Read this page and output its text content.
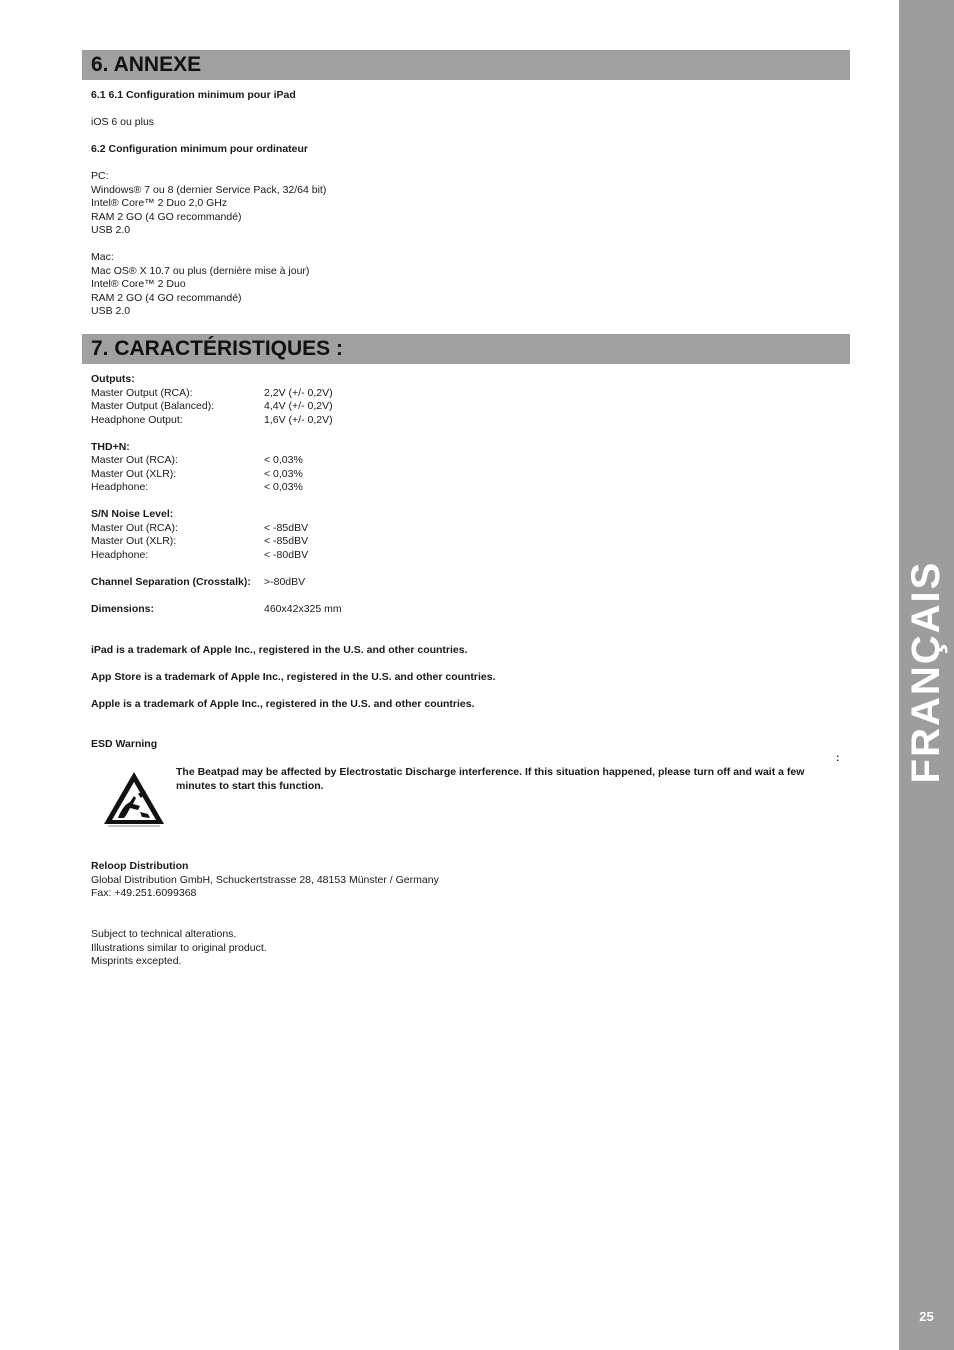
FRANÇAIS
25
6. ANNEXE
6.1 6.1 Configuration minimum pour iPad
iOS 6 ou plus
6.2 Configuration minimum pour ordinateur
PC:
Windows® 7 ou 8 (dernier Service Pack, 32/64 bit)
Intel® Core™ 2 Duo 2,0 GHz
RAM 2 GO (4 GO recommandé)
USB 2.0
Mac:
Mac OS® X 10.7 ou plus (dernière mise à jour)
Intel® Core™ 2 Duo
RAM 2 GO (4 GO recommandé)
USB 2.0
7. CARACTÉRISTIQUES :
Outputs:
Master Output (RCA):	2,2V (+/- 0,2V)
Master Output (Balanced):	4,4V (+/- 0,2V)
Headphone Output:	1,6V (+/- 0,2V)
THD+N:
Master Out (RCA):	< 0,03%
Master Out (XLR):	< 0,03%
Headphone:	< 0,03%
S/N Noise Level:
Master Out (RCA):	< -85dBV
Master Out (XLR):	< -85dBV
Headphone:	< -80dBV
Channel Separation (Crosstalk):	>-80dBV
Dimensions:	460x42x325 mm
iPad is a trademark of Apple Inc., registered in the U.S. and other countries.
App Store is a trademark of Apple Inc., registered in the U.S. and other countries.
Apple is a trademark of Apple Inc., registered in the U.S. and other countries.
ESD Warning
:
The Beatpad may be affected by Electrostatic Discharge interference. If this situation happened, please turn off and wait a few minutes to start this function.
Reloop Distribution
Global Distribution GmbH, Schuckertstrasse 28, 48153 Münster / Germany
Fax: +49.251.6099368
Subject to technical alterations.
Illustrations similar to original product.
Misprints excepted.
